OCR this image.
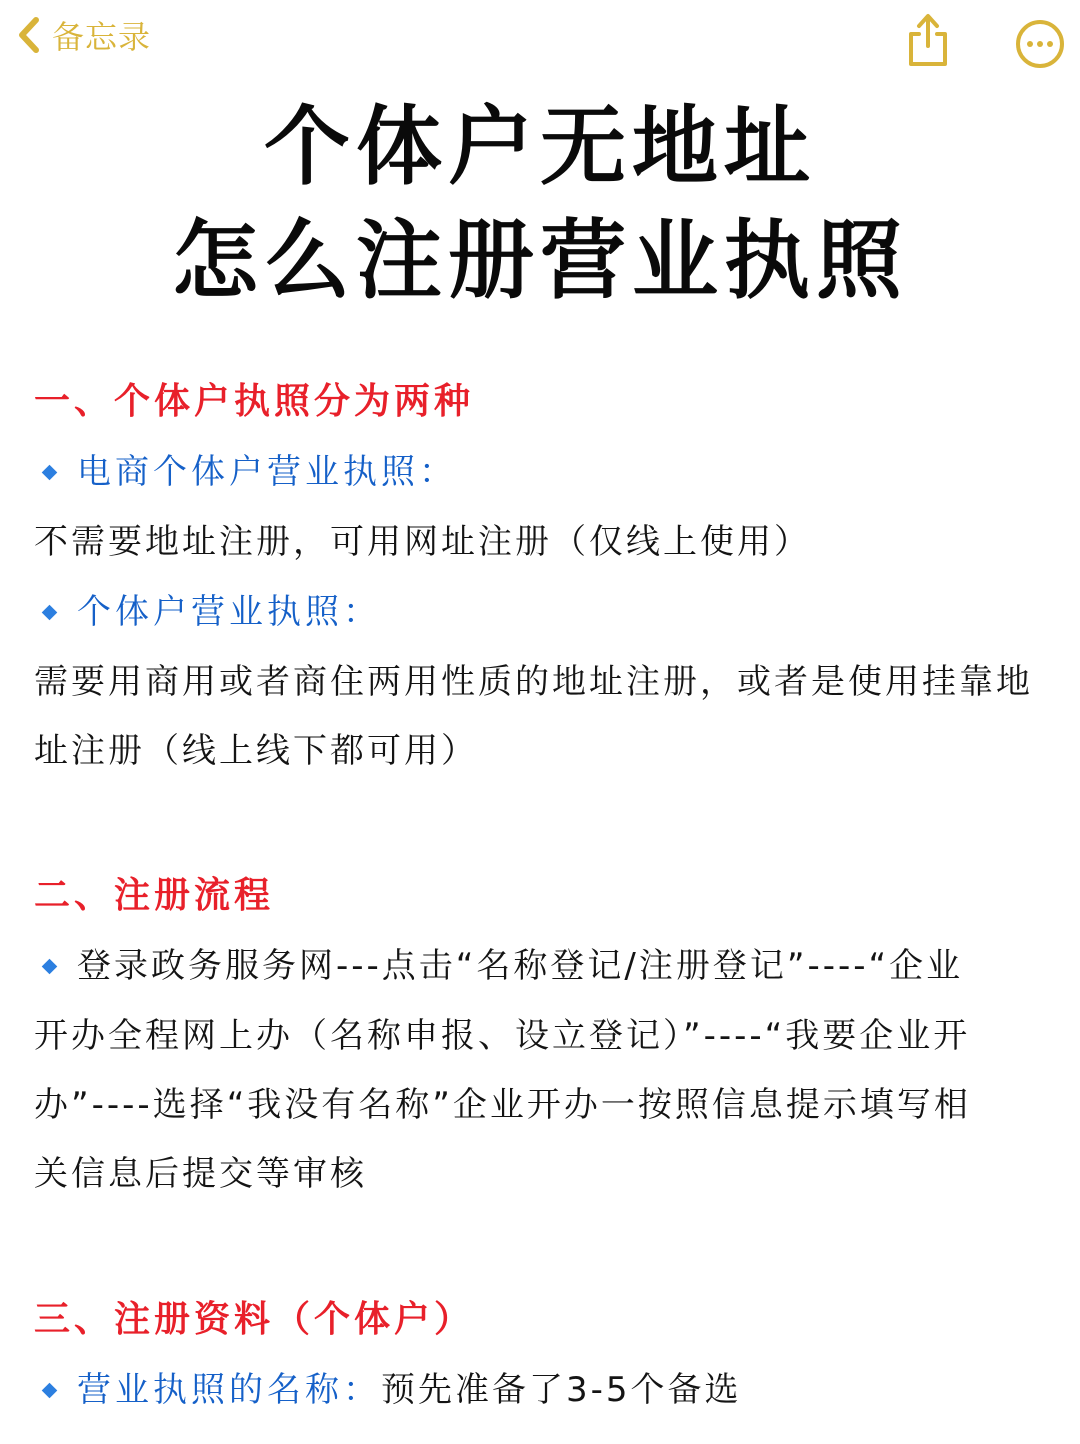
备忘录
个体户无地址
怎么注册营业执照
一、个体户执照分为两种
电商个体户营业执照：
不需要地址注册，可用网址注册（仅线上使用）
个体户营业执照：
需要用商用或者商住两用性质的地址注册，或者是使用挂靠地
址注册（线上线下都可用）
二、注册流程
登录政务服务网---点击“名称登记/注册登记”----“企业
开办全程网上办（名称申报、设立登记）”----“我要企业开
办”----选择“我没有名称”企业开办一按照信息提示填写相
关信息后提交等审核
三、注册资料（个体户）
营业执照的名称： 预先准备了3-5个备选
